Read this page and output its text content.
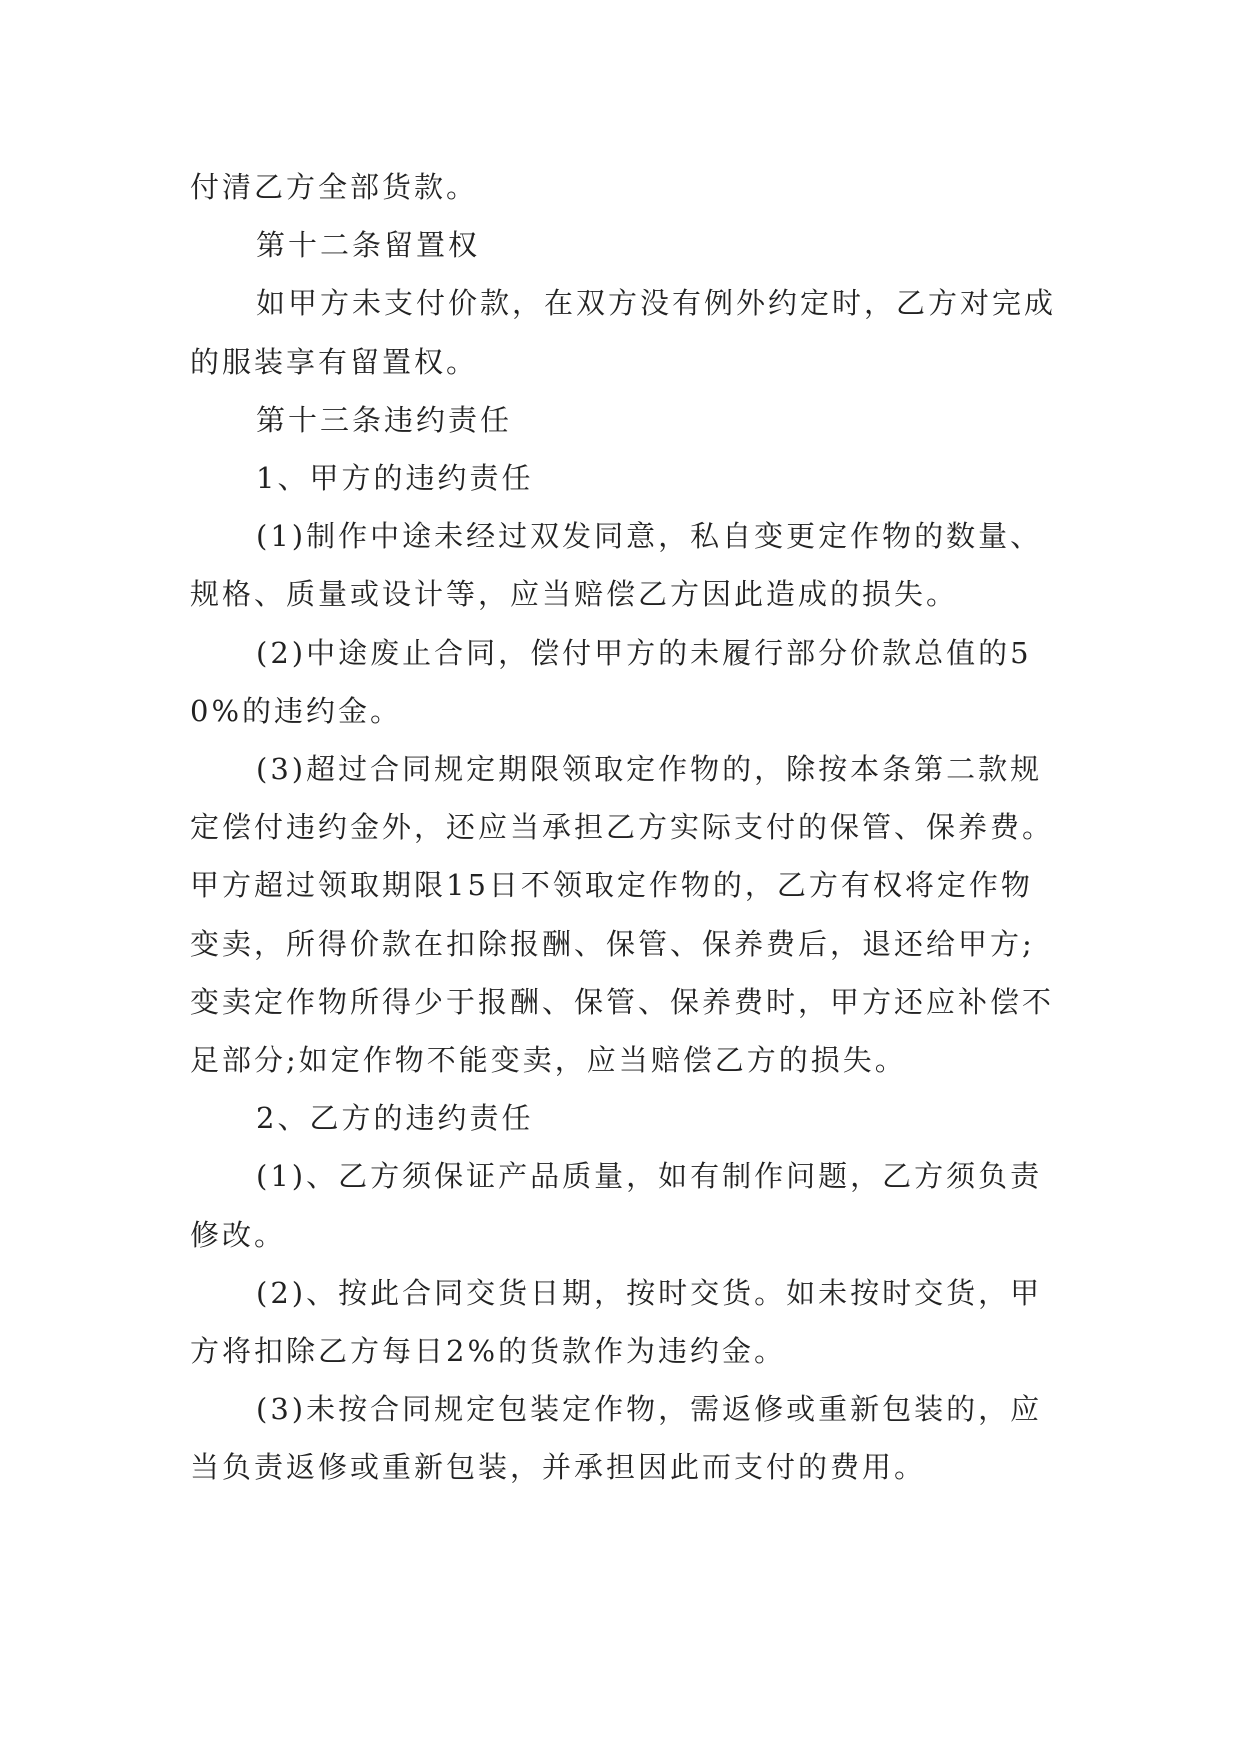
付清乙方全部货款。

第十二条留置权

如甲方未支付价款，在双方没有例外约定时，乙方对完成的服装享有留置权。

第十三条违约责任

1、甲方的违约责任

(1)制作中途未经过双发同意，私自变更定作物的数量、规格、质量或设计等，应当赔偿乙方因此造成的损失。

(2)中途废止合同，偿付甲方的未履行部分价款总值的50%的违约金。

(3)超过合同规定期限领取定作物的，除按本条第二款规定偿付违约金外，还应当承担乙方实际支付的保管、保养费。甲方超过领取期限15日不领取定作物的，乙方有权将定作物变卖，所得价款在扣除报酬、保管、保养费后，退还给甲方;变卖定作物所得少于报酬、保管、保养费时，甲方还应补偿不足部分;如定作物不能变卖，应当赔偿乙方的损失。

2、乙方的违约责任

(1)、乙方须保证产品质量，如有制作问题，乙方须负责修改。

(2)、按此合同交货日期，按时交货。如未按时交货，甲方将扣除乙方每日2%的货款作为违约金。

(3)未按合同规定包装定作物，需返修或重新包装的，应当负责返修或重新包装，并承担因此而支付的费用。
